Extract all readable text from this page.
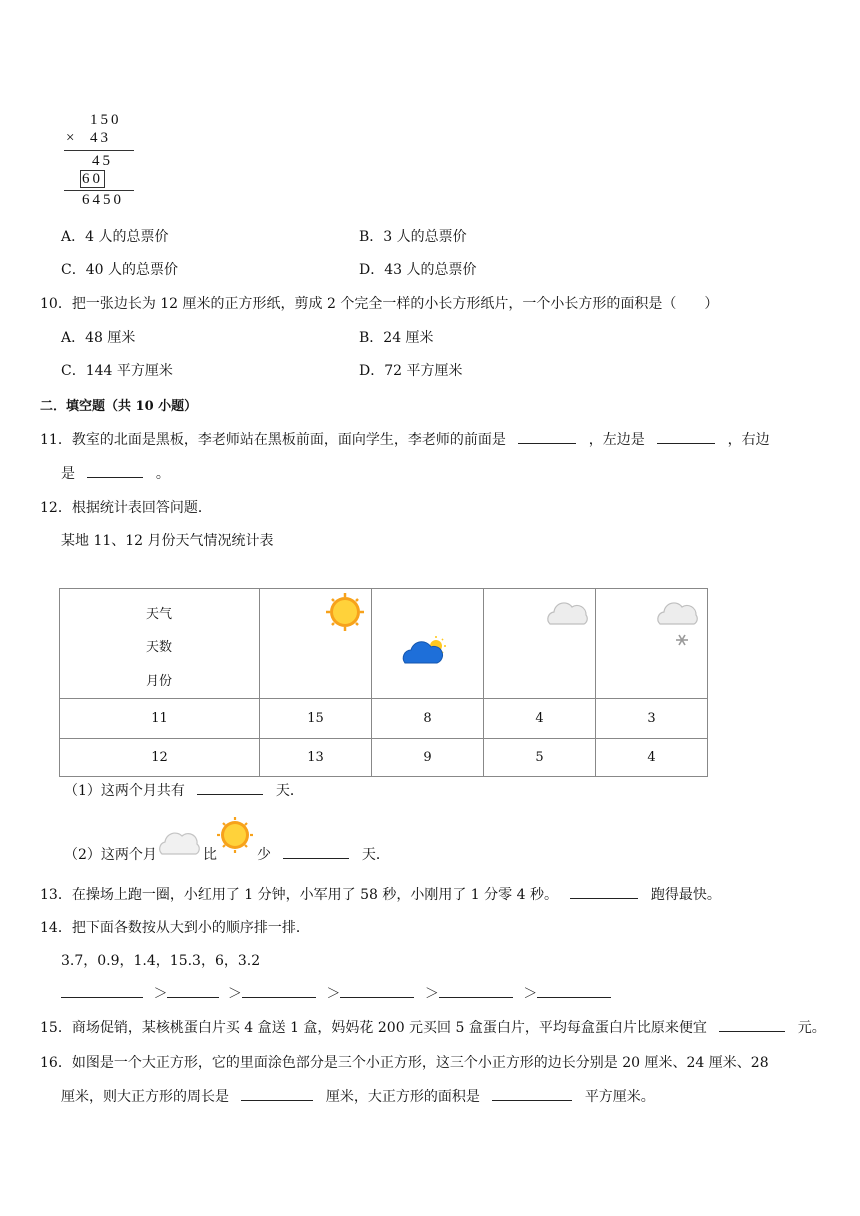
150
× 43
45
60
6450
A．4 人的总票价	B．3 人的总票价
C．40 人的总票价	D．43 人的总票价
10．把一张边长为 12 厘米的正方形纸，剪成 2 个完全一样的小长方形纸片，一个小长方形的面积是（　　）
A．48 厘米	B．24 厘米
C．144 平方厘米	D．72 平方厘米
二．填空题（共 10 小题）
11．教室的北面是黑板，李老师站在黑板前面，面向学生，李老师的前面是	，左边是	，右边
是	。
12．根据统计表回答问题．
某地 11、12 月份天气情况统计表
天气
天数
月份

11	15	8	4	3
12	13	9	5	4
（1）这两个月共有	天．
（2）这两个月	比	少	天．
13．在操场上跑一圈，小红用了 1 分钟，小军用了 58 秒，小刚用了 1 分零 4 秒。	跑得最快。
14．把下面各数按从大到小的顺序排一排．
3.7，0.9，1.4，15.3，6，3.2
＞	＞	＞	＞	＞
15．商场促销，某核桃蛋白片买 4 盒送 1 盒，妈妈花 200 元买回 5 盒蛋白片，平均每盒蛋白片比原来便宜	元。
16．如图是一个大正方形，它的里面涂色部分是三个小正方形，这三个小正方形的边长分别是 20 厘米、24 厘米、28
厘米，则大正方形的周长是	厘米，大正方形的面积是	平方厘米。
